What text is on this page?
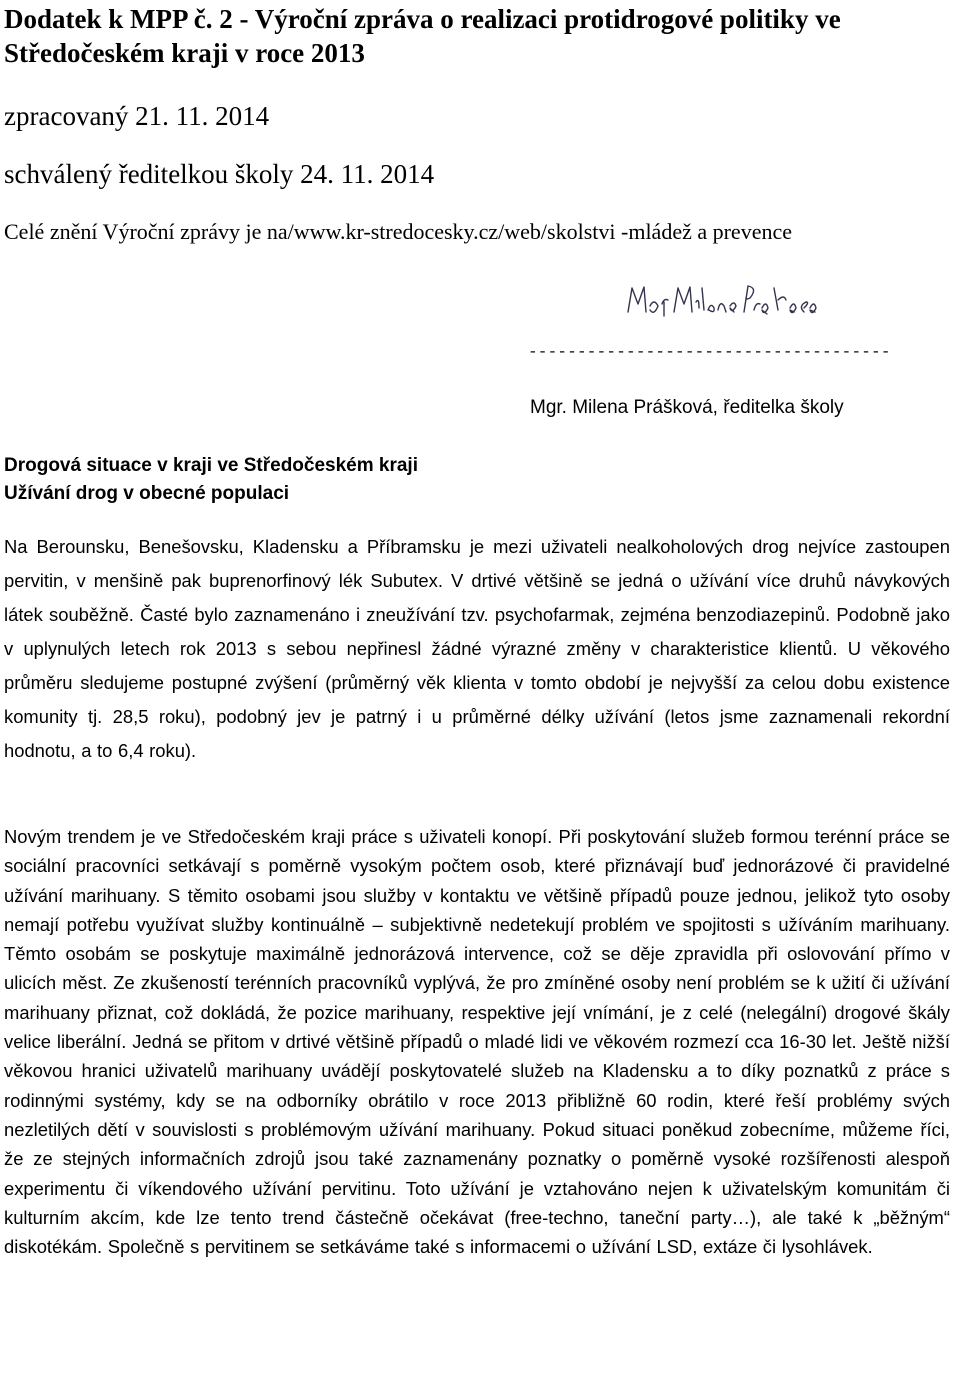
Dodatek k MPP č. 2 - Výroční zpráva o realizaci protidrogové politiky ve Středočeském kraji v roce 2013
zpracovaný 21. 11. 2014
schválený ředitelkou školy 24. 11. 2014
Celé znění Výroční zprávy je na/www.kr-stredocesky.cz/web/skolstvi -mládež a prevence
-------------------------------------
Mgr. Milena Prášková, ředitelka školy
Drogová situace v kraji ve Středočeském kraji
Užívání drog v obecné populaci
Na Berounsku, Benešovsku, Kladensku a Příbramsku je mezi uživateli nealkoholových drog nejvíce zastoupen pervitin, v menšině pak buprenorfinový lék Subutex. V drtivé většině se jedná o užívání více druhů návykových látek souběžně. Časté bylo zaznamenáno i zneužívání tzv. psychofarmak, zejména benzodiazepinů. Podobně jako v uplynulých letech rok 2013 s sebou nepřinesl žádné výrazné změny v charakteristice klientů. U věkového průměru sledujeme postupné zvýšení (průměrný věk klienta v tomto období je nejvyšší za celou dobu existence komunity tj. 28,5 roku), podobný jev je patrný i u průměrné délky užívání (letos jsme zaznamenali rekordní hodnotu, a to 6,4 roku).
Novým trendem je ve Středočeském kraji práce s uživateli konopí. Při poskytování služeb formou terénní práce se sociální pracovníci setkávají s poměrně vysokým počtem osob, které přiznávají buď jednorázové či pravidelné užívání marihuany. S těmito osobami jsou služby v kontaktu ve většině případů pouze jednou, jelikož tyto osoby nemají potřebu využívat služby kontinuálně – subjektivně nedetekují problém ve spojitosti s užíváním marihuany. Těmto osobám se poskytuje maximálně jednorázová intervence, což se děje zpravidla při oslovování přímo v ulicích měst. Ze zkušeností terénních pracovníků vyplývá, že pro zmíněné osoby není problém se k užití či užívání marihuany přiznat, což dokládá, že pozice marihuany, respektive její vnímání, je z celé (nelegální) drogové škály velice liberální. Jedná se přitom v drtivé většině případů o mladé lidi ve věkovém rozmezí cca 16-30 let. Ještě nižší věkovou hranici uživatelů marihuany uvádějí poskytovatelé služeb na Kladensku a to díky poznatků z práce s rodinnými systémy, kdy se na odborníky obrátilo v roce 2013 přibližně 60 rodin, které řeší problémy svých nezletilých dětí v souvislosti s problémovým užívání marihuany. Pokud situaci poněkud zobecníme, můžeme říci, že ze stejných informačních zdrojů jsou také zaznamenány poznatky o poměrně vysoké rozšířenosti alespoň experimentu či víkendového užívání pervitinu. Toto užívání je vztahováno nejen k uživatelským komunitám či kulturním akcím, kde lze tento trend částečně očekávat (free-techno, taneční party…), ale také k „běžným“ diskotékám. Společně s pervitinem se setkáváme také s informacemi o užívání LSD, extáze či lysohlávek.
